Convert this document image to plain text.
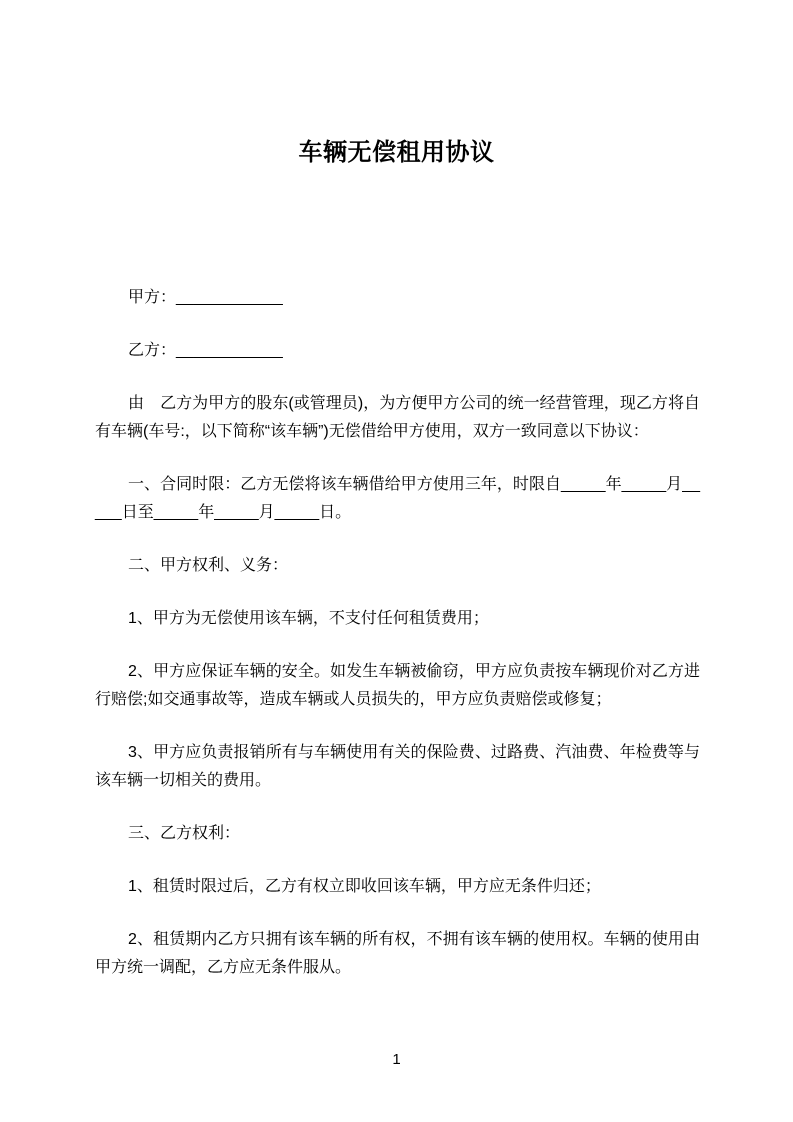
车辆无偿租用协议

甲方：____________

乙方：____________

由　乙方为甲方的股东(或管理员)，为方便甲方公司的统一经营管理，现乙方将自有车辆(车号:，以下简称“该车辆”)无偿借给甲方使用，双方一致同意以下协议：

一、合同时限：乙方无偿将该车辆借给甲方使用三年，时限自_____年_____月_____日至_____年_____月_____日。

二、甲方权利、义务：

1、甲方为无偿使用该车辆，不支付任何租赁费用；

2、甲方应保证车辆的安全。如发生车辆被偷窃，甲方应负责按车辆现价对乙方进行赔偿;如交通事故等，造成车辆或人员损失的，甲方应负责赔偿或修复；

3、甲方应负责报销所有与车辆使用有关的保险费、过路费、汽油费、年检费等与该车辆一切相关的费用。

三、乙方权利：

1、租赁时限过后，乙方有权立即收回该车辆，甲方应无条件归还；

2、租赁期内乙方只拥有该车辆的所有权，不拥有该车辆的使用权。车辆的使用由甲方统一调配，乙方应无条件服从。

1
